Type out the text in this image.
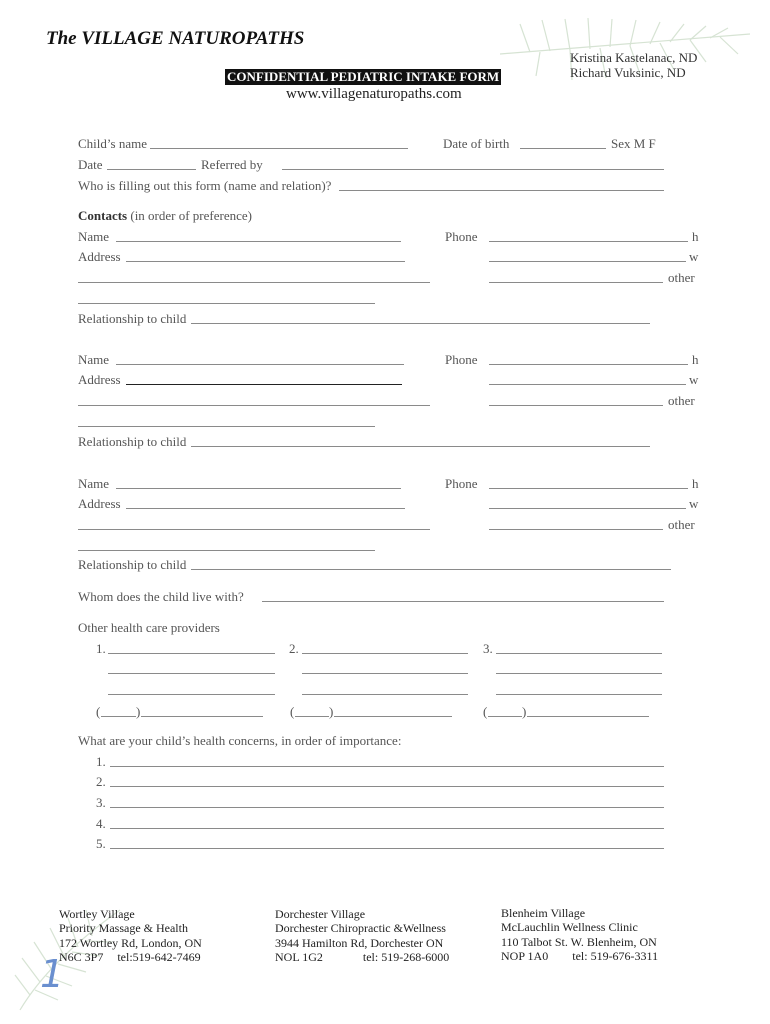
The VILLAGE NATUROPATHS
CONFIDENTIAL PEDIATRIC INTAKE FORM
www.villagenaturopaths.com
Kristina Kastelanac, ND
Richard Vuksinic, ND
Child’s name	Date of birth	Sex M F
Date	Referred by
Who is filling out this form (name and relation)?
Contacts (in order of preference)
Name	Phone	h
Address	w
other
Relationship to child
Name	Phone	h
Address	w
other
Relationship to child
Name	Phone	h
Address	w
other
Relationship to child
Whom does the child live with?
Other health care providers
1.
(	)
2.
(	)
3.
(	)
What are your child’s health concerns, in order of importance:
1.
2.
3.
4.
5.
Wortley Village
Priority Massage & Health
172 Wortley Rd, London, ON
N6C 3P7 tel:519-642-7469
Dorchester Village
Dorchester Chiropractic &Wellness
3944 Hamilton Rd, Dorchester ON
NOL 1G2	tel: 519-268-6000
Blenheim Village
McLauchlin Wellness Clinic
110 Talbot St. W. Blenheim, ON
NOP 1A0 tel: 519-676-3311
1
